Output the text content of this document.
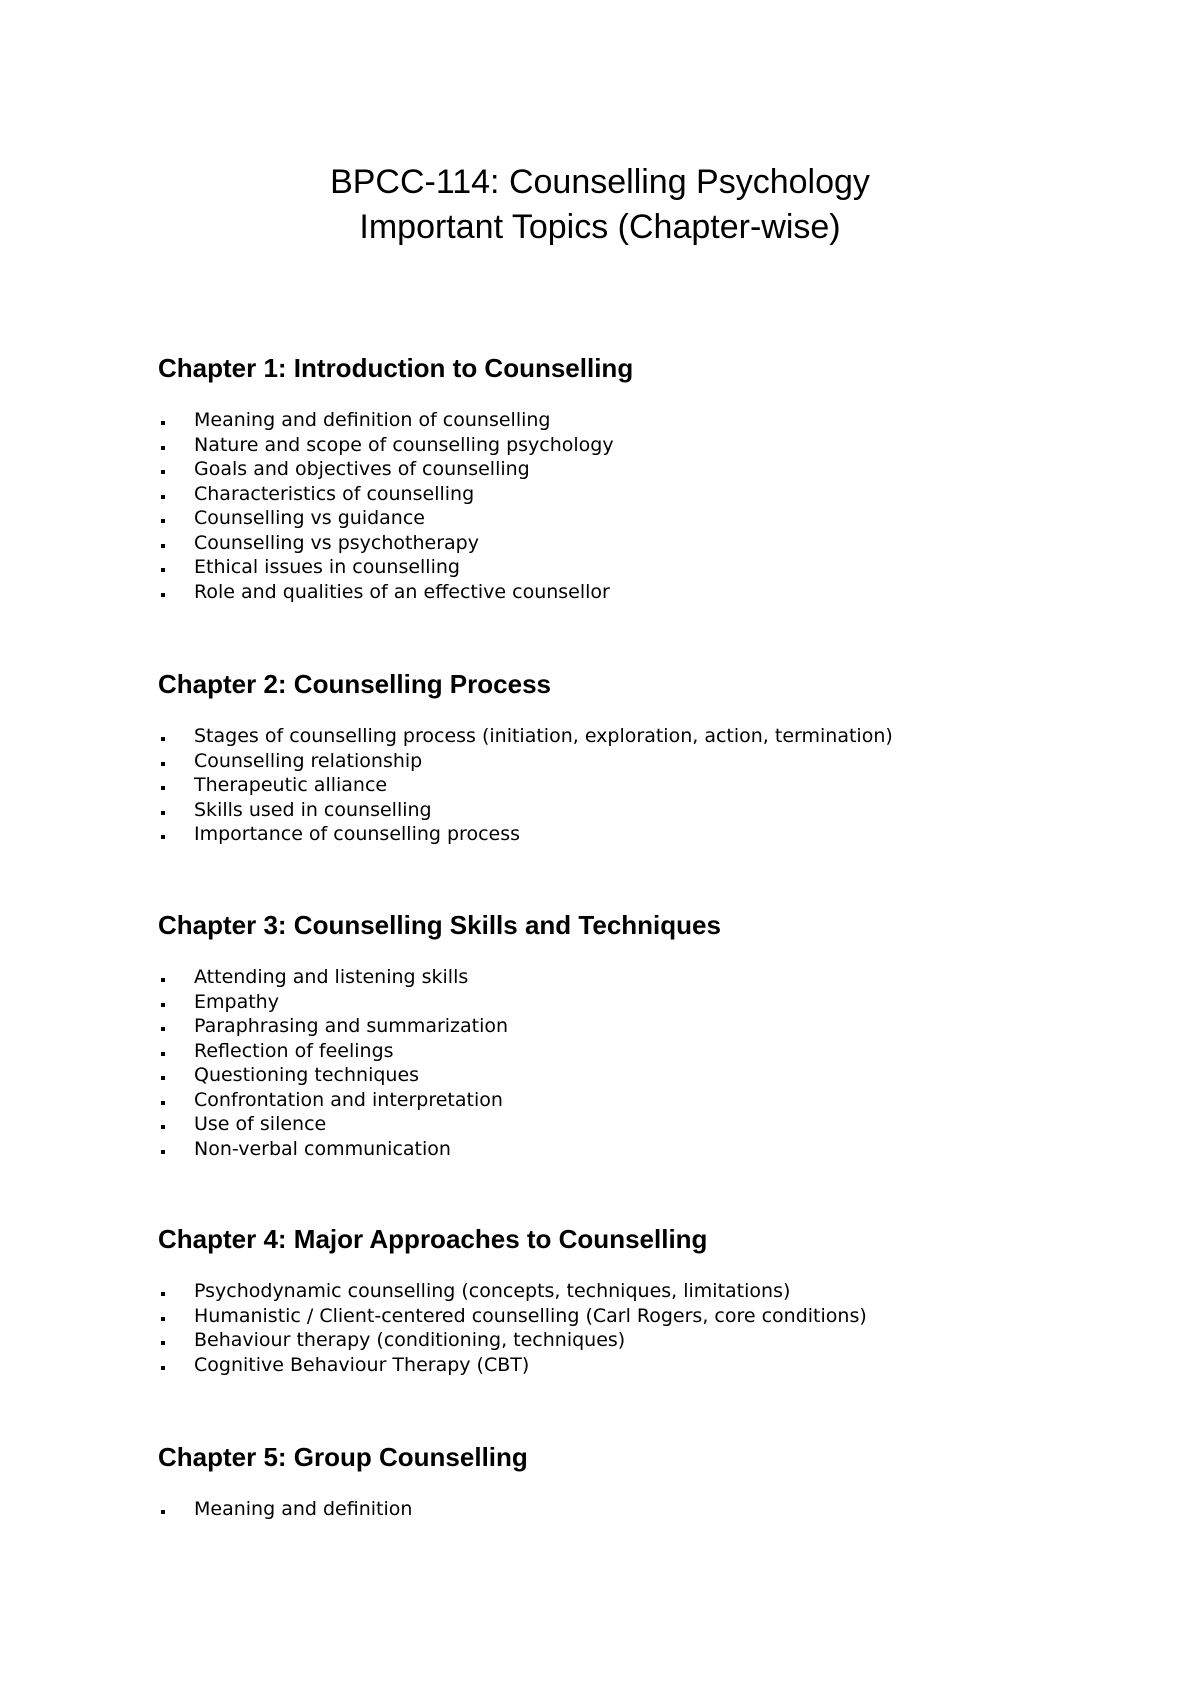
BPCC-114: Counselling Psychology
Important Topics (Chapter-wise)
Chapter 1: Introduction to Counselling
Meaning and definition of counselling
Nature and scope of counselling psychology
Goals and objectives of counselling
Characteristics of counselling
Counselling vs guidance
Counselling vs psychotherapy
Ethical issues in counselling
Role and qualities of an effective counsellor
Chapter 2: Counselling Process
Stages of counselling process (initiation, exploration, action, termination)
Counselling relationship
Therapeutic alliance
Skills used in counselling
Importance of counselling process
Chapter 3: Counselling Skills and Techniques
Attending and listening skills
Empathy
Paraphrasing and summarization
Reflection of feelings
Questioning techniques
Confrontation and interpretation
Use of silence
Non-verbal communication
Chapter 4: Major Approaches to Counselling
Psychodynamic counselling (concepts, techniques, limitations)
Humanistic / Client-centered counselling (Carl Rogers, core conditions)
Behaviour therapy (conditioning, techniques)
Cognitive Behaviour Therapy (CBT)
Chapter 5: Group Counselling
Meaning and definition
